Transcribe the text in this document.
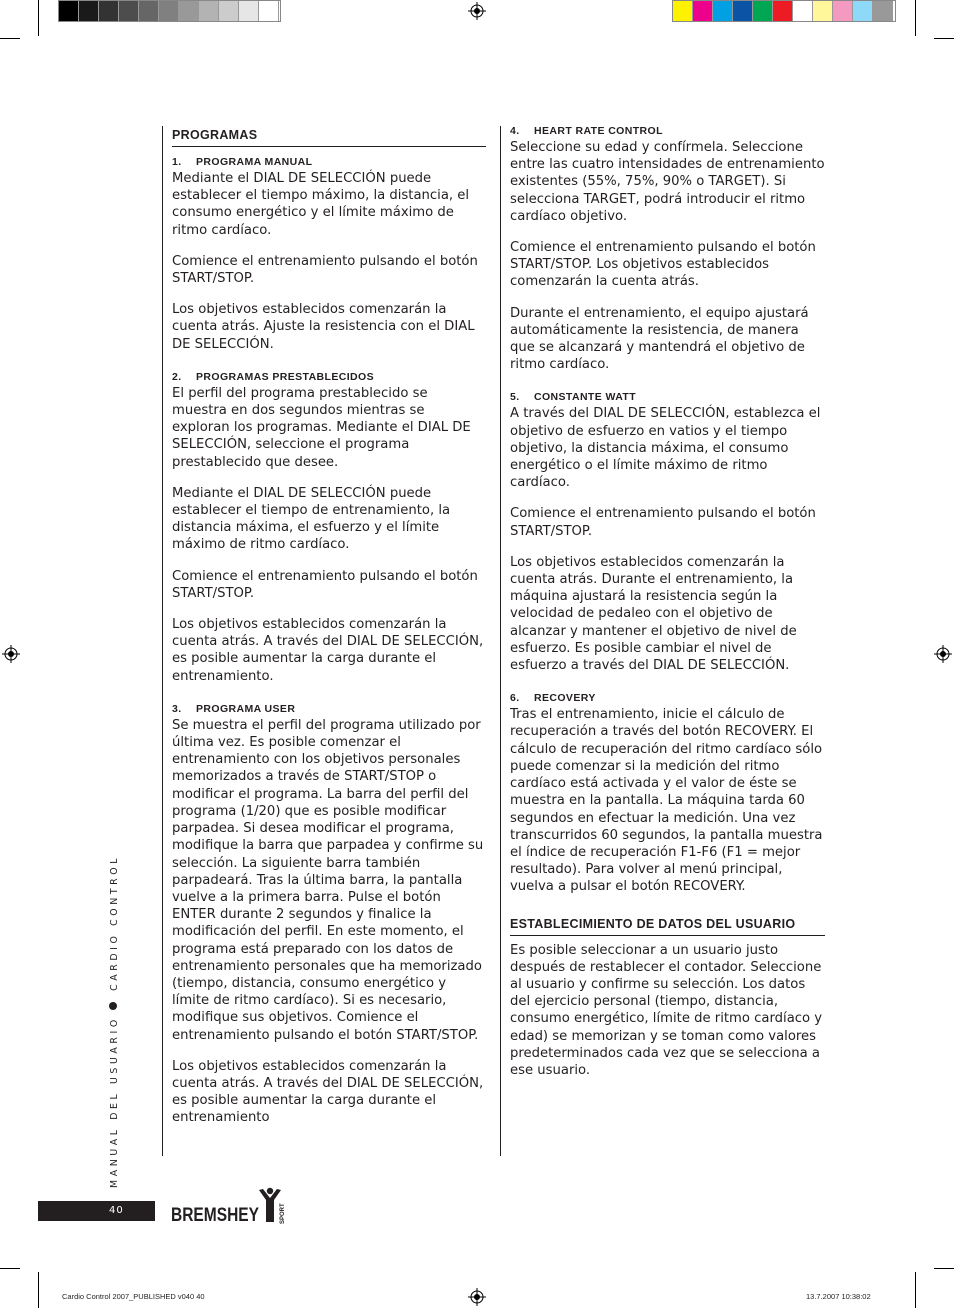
PROGRAMAS
1. PROGRAMA MANUAL

Mediante el DIAL DE SELECCIÓN puede establecer el tiempo máximo, la distancia, el consumo energético y el límite máximo de ritmo cardíaco.

Comience el entrenamiento pulsando el botón START/STOP.

Los objetivos establecidos comenzarán la cuenta atrás. Ajuste la resistencia con el DIAL DE SELECCIÓN.

2. PROGRAMAS PRESTABLECIDOS

El perfil del programa prestablecido se muestra en dos segundos mientras se exploran los programas. Mediante el DIAL DE SELECCIÓN, seleccione el programa prestablecido que desee.

Mediante el DIAL DE SELECCIÓN puede establecer el tiempo de entrenamiento, la distancia máxima, el esfuerzo y el límite máximo de ritmo cardíaco.

Comience el entrenamiento pulsando el botón START/STOP.

Los objetivos establecidos comenzarán la cuenta atrás. A través del DIAL DE SELECCIÓN, es posible aumentar la carga durante el entrenamiento.

3. PROGRAMA USER

Se muestra el perfil del programa utilizado por última vez. Es posible comenzar el entrenamiento con los objetivos personales memorizados a través de START/STOP o modificar el programa. La barra del perfil del programa (1/20) que es posible modificar parpadea. Si desea modificar el programa, modifique la barra que parpadea y confirme su selección. La siguiente barra también parpadeará. Tras la última barra, la pantalla vuelve a la primera barra. Pulse el botón ENTER durante 2 segundos y finalice la modificación del perfil. En este momento, el programa está preparado con los datos de entrenamiento personales que ha memorizado (tiempo, distancia, consumo energético y límite de ritmo cardíaco). Si es necesario, modifique sus objetivos. Comience el entrenamiento pulsando el botón START/STOP.

Los objetivos establecidos comenzarán la cuenta atrás. A través del DIAL DE SELECCIÓN, es posible aumentar la carga durante el entrenamiento

4. HEART RATE CONTROL

Seleccione su edad y confírmela. Seleccione entre las cuatro intensidades de entrenamiento existentes (55%, 75%, 90% o TARGET). Si selecciona TARGET, podrá introducir el ritmo cardíaco objetivo.

Comience el entrenamiento pulsando el botón START/STOP. Los objetivos establecidos comenzarán la cuenta atrás.

Durante el entrenamiento, el equipo ajustará automáticamente la resistencia, de manera que se alcanzará y mantendrá el objetivo de ritmo cardíaco.

5. CONSTANTE WATT

A través del DIAL DE SELECCIÓN, establezca el objetivo de esfuerzo en vatios y el tiempo objetivo, la distancia máxima, el consumo energético o el límite máximo de ritmo cardíaco.

Comience el entrenamiento pulsando el botón START/STOP.

Los objetivos establecidos comenzarán la cuenta atrás. Durante el entrenamiento, la máquina ajustará la resistencia según la velocidad de pedaleo con el objetivo de alcanzar y mantener el objetivo de nivel de esfuerzo. Es posible cambiar el nivel de esfuerzo a través del DIAL DE SELECCIÓN.

6. RECOVERY

Tras el entrenamiento, inicie el cálculo de recuperación a través del botón RECOVERY. El cálculo de recuperación del ritmo cardíaco sólo puede comenzar si la medición del ritmo cardíaco está activada y el valor de éste se muestra en la pantalla. La máquina tarda 60 segundos en efectuar la medición. Una vez transcurridos 60 segundos, la pantalla muestra el índice de recuperación F1-F6 (F1 = mejor resultado). Para volver al menú principal, vuelva a pulsar el botón RECOVERY.

ESTABLECIMIENTO DE DATOS DEL USUARIO

Es posible seleccionar a un usuario justo después de restablecer el contador. Seleccione al usuario y confirme su selección. Los datos del ejercicio personal (tiempo, distancia, consumo energético, límite de ritmo cardíaco y edad) se memorizan y se toman como valores predeterminados cada vez que se selecciona a ese usuario.

MANUAL DEL USUARIO  CARDIO CONTROL
40 BREMSHEY	SPORT
Cardio Control 2007_PUBLISHED v040 40	13.7.2007 10:38:02
